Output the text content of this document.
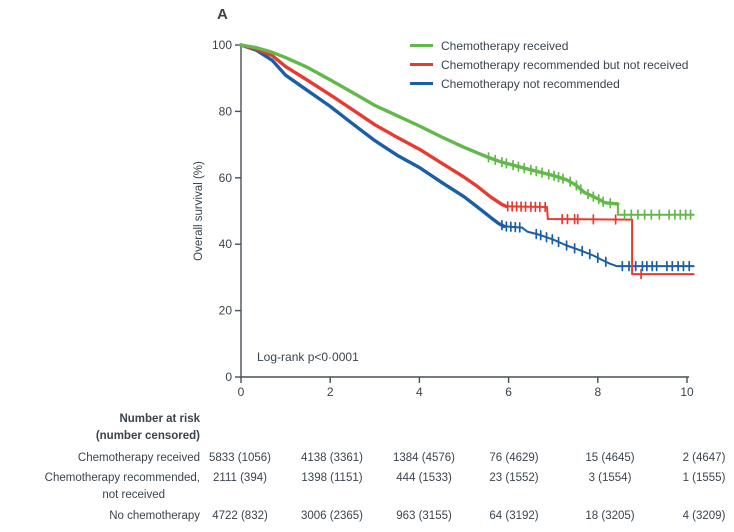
0
20
40
60
80
100
0	2	4	6	8	10
A
Overall survival (%)
Chemotherapy received
Chemotherapy recommended but not received
Chemotherapy not recommended
Log-rank p<0·0001
Number at risk
(number censored)
Chemotherapy received 5833 (1056)	4138 (3361)	1384 (4576)	76 (4629)	15 (4645)	2 (4647)
Chemotherapy recommended,
not received
2111 (394)	1398 (1151)	444 (1533)	23 (1552)	3 (1554)	1 (1555)
No chemotherapy	4722 (832)	3006 (2365)	963 (3155)	64 (3192)	18 (3205)	4 (3209)
